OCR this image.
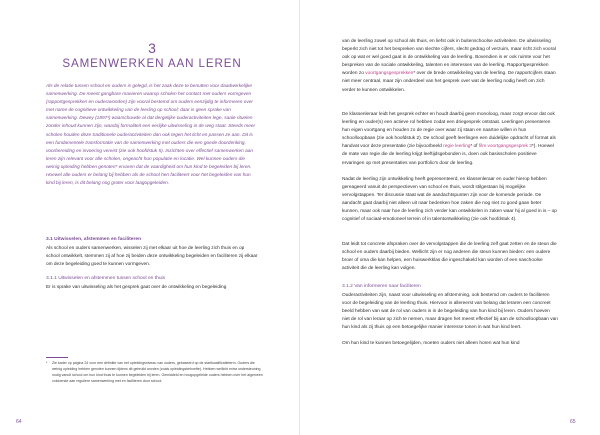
3
SAMENWERKEN AAN LEREN

Als de relatie tussen school en ouders is gelegd, is het zaak deze te benutten voor daadwerkelijke samenwerking. De meest gangbare manieren waarop scholen het contact met ouders vormgeven (rapportgesprekken en ouderavonden) zijn vooral bestemd om ouders eenzijdig te informeren over met name de cognitieve ontwikkeling van de leerling op school; daar is geen sprake van samenwerking. Dewey (1897¹) waarschuwde al dat dergelijke ouderactiviteiten lege, saaie rituelen zonder inhoud kunnen zijn, waarbij formaliteit een eerlijke uitwisseling in de weg staat. Steeds meer scholen houden deze traditionele ouderactiviteiten dan ook tegen het licht en passen ze aan. Dit is een fundamentele transformatie van de samenwerking met ouders die een goede doordenking, voorbereiding en invoering vereist (zie ook hoofdstuk 5). Inzichten over effectief samenwerken aan leren zijn relevant voor alle scholen, ongeacht hun populatie en locatie. Wel kunnen ouders die weinig opleiding hebben genoten* ervaren dat de vaardigheid om hun kind te begeleiden bij leren. Hoewel alle ouders er belang bij hebben als de school hen faciliteert voor het begeleiden van hun kind bij leren, is dit belang nog groter voor laagopgeleiden.

3.1 Uitwisselen, afstemmen en faciliteren

Als school en ouders samenwerken, wisselen zij met elkaar uit hoe de leerling zich thuis en op school ontwikkelt, stemmen zij af hoe zij beiden deze ontwikkeling begeleiden en faciliteren zij elkaar om deze begeleiding goed te kunnen vormgeven.

3.1.1 Uitwisselen en afstemmen tussen school en thuis

Er is sprake van uitwisseling als het gesprek gaat over de ontwikkeling en begeleiding

* Zie kader op pagina 24 voor een definitie van het opleidingsniveau van ouders, gebaseerd op de startkwalificatieterm. Ouders die weinig opleiding hebben genoten kunnen tijdens dit gebruikt worden (zoals opleidingsbehoefte). Hebben wellicht extra ondersteuning nodig vanuit school om hun kind thuis te kunnen begeleiden bij leren. Gemiddeld en hoogopgeleide ouders hebben over het algemeen voldoende aan reguliere samenwerking met en faciliteren door school.
64

van de leerling zowel op school als thuis, en liefst ook in buitenschoolse activiteiten. De uitwisseling beperkt zich niet tot het bespreken van slechte cijfers, slecht gedrag of verzuim, maar richt zich vooral ook op wat er wel goed gaat in de ontwikkeling van de leerling. Bovendien is er ook ruimte voor het bespreken van de sociale ontwikkeling, talenten en interesses van de leerling. Rapportgesprekken worden zo voortgangsgesprekken* over de brede ontwikkeling van de leerling. De rapportcijfers staan niet meer centraal, maar zijn onderdeel van het gesprek over wat de leerling nodig heeft om zich verder te kunnen ontwikkelen.

De klassenleraar leidt het gesprek echter en houdt daarbij geen monoloog, maar zorgt ervoor dat ook leerling en ouder(s) een actieve rol hebben zodat een driegesprek ontstaat. Leerlingen presenteren hun eigen voortgang en houden zo de regie over waar zij staan en naartoe willen in hun schoolloopbaan (zie ook hoofdstuk 2). De school geeft leerlingen een duidelijke opdracht of format als handvat voor deze presentatie (zie bijvoorbeeld regie leerling* of film voortgangsgesprek 3*). Hoewel de mate van regie die de leerling krijgt leeftijdsgebonden is, doen ook basisscholen positieve ervaringen op met presentaties van portfolio’s door de leerling.

Nadat de leerling zijn ontwikkeling heeft gepresenteerd, en klassenleraar en ouder hierop hebben gereageerd vanuit de perspectieven van school en thuis, wordt stilgestaan bij mogelijke vervolgstappen. Ter discussie staat wat de aandachtspunten zijn voor de komende periode. De aandacht gaat daarbij niet alleen uit naar bedenken hoe zaken die nog niet zo goed gaan beter kunnen, maar ook naar hoe de leerling zich verder kan ontwikkelen in zaken waar hij al goed in is – op cognitief of sociaal-emotioneel terrein of in talentontwikkeling (zie ook hoofdstuk 4).

Dat leidt tot concrete afspraken over de vervolgstappen die de leerling zelf gaat zetten en de steun die school en ouders daarbij bieden. Wellicht zijn er nog anderen die steun kunnen bieden: een oudere broer of oma die kan helpen, een huiswerkklas die ingeschakeld kan worden of een naschoolse activiteit die de leerling kan volgen.

3.1.2 Van informeren naar faciliteren

Ouderactiviteiten zijn, naast voor uitwisseling en afstemming, ook bestemd om ouders te faciliteren voor de begeleiding van de leerling thuis. Hiervoor is allereerst van belang dat leraren een concreet beeld hebben van wat de rol van ouders is in de begeleiding van hun kind bij leren. Ouders hoeven niet de rol van leraar op zich te nemen, maar dragen het meest effectief bij aan de schoolloopbaan van hun kind als zij thuis op een betoegelijke manier interesse tonen in wat hun kind leert.

Om hun kind te kunnen betoegelijden, moeten ouders niet alleen horen wat hun kind

65
